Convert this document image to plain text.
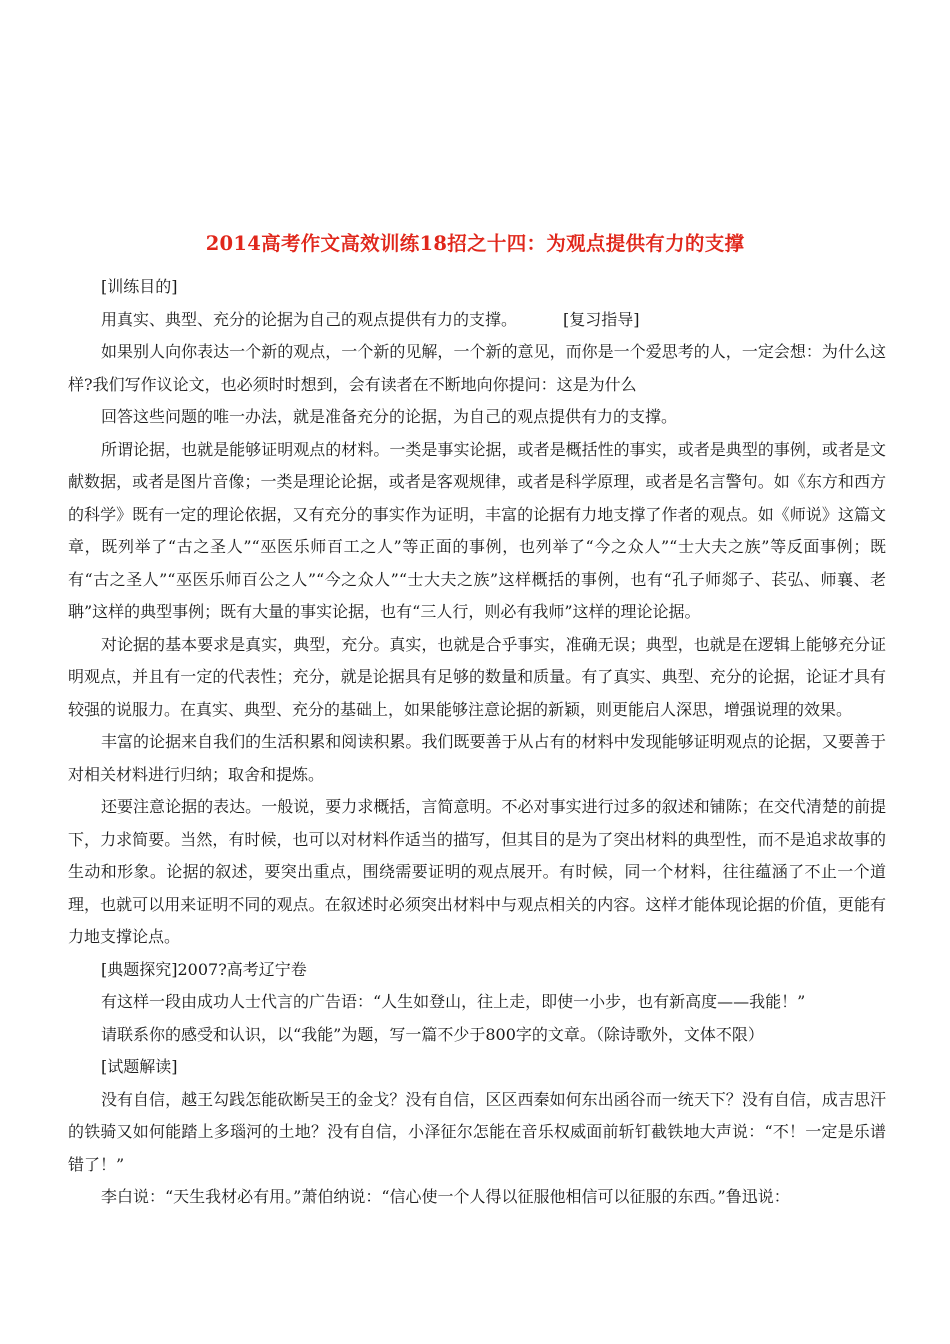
2014高考作文高效训练18招之十四：为观点提供有力的支撑

[训练目的]

用真实、典型、充分的论据为自己的观点提供有力的支撑。	[复习指导]

如果别人向你表达一个新的观点，一个新的见解，一个新的意见，而你是一个爱思考的人，一定会想：为什么这样?我们写作议论文，也必须时时想到，会有读者在不断地向你提问：这是为什么

回答这些问题的唯一办法，就是准备充分的论据，为自己的观点提供有力的支撑。

所谓论据，也就是能够证明观点的材料。一类是事实论据，或者是概括性的事实，或者是典型的事例，或者是文献数据，或者是图片音像；一类是理论论据，或者是客观规律，或者是科学原理，或者是名言警句。如《东方和西方的科学》既有一定的理论依据，又有充分的事实作为证明，丰富的论据有力地支撑了作者的观点。如《师说》这篇文章，既列举了“古之圣人”“巫医乐师百工之人”等正面的事例，也列举了“今之众人”“士大夫之族”等反面事例；既有“古之圣人”“巫医乐师百公之人”“今之众人”“士大夫之族”这样概括的事例，也有“孔子师郯子、苌弘、师襄、老聃”这样的典型事例；既有大量的事实论据，也有“三人行，则必有我师”这样的理论论据。

对论据的基本要求是真实，典型，充分。真实，也就是合乎事实，准确无误；典型，也就是在逻辑上能够充分证明观点，并且有一定的代表性；充分，就是论据具有足够的数量和质量。有了真实、典型、充分的论据，论证才具有较强的说服力。在真实、典型、充分的基础上，如果能够注意论据的新颖，则更能启人深思，增强说理的效果。

丰富的论据来自我们的生活积累和阅读积累。我们既要善于从占有的材料中发现能够证明观点的论据，又要善于对相关材料进行归纳；取舍和提炼。

还要注意论据的表达。一般说，要力求概括，言简意明。不必对事实进行过多的叙述和铺陈；在交代清楚的前提下，力求简要。当然，有时候，也可以对材料作适当的描写，但其目的是为了突出材料的典型性，而不是追求故事的生动和形象。论据的叙述，要突出重点，围绕需要证明的观点展开。有时候，同一个材料，往往蕴涵了不止一个道理，也就可以用来证明不同的观点。在叙述时必须突出材料中与观点相关的内容。这样才能体现论据的价值，更能有力地支撑论点。

[典题探究]2007?高考辽宁卷

有这样一段由成功人士代言的广告语：“人生如登山，往上走，即使一小步，也有新高度——我能！”

请联系你的感受和认识，以“我能”为题，写一篇不少于800字的文章。（除诗歌外，文体不限）

[试题解读]

没有自信，越王勾践怎能砍断吴王的金戈？没有自信，区区西秦如何东出函谷而一统天下？没有自信，成吉思汗的铁骑又如何能踏上多瑙河的土地？没有自信，小泽征尔怎能在音乐权威面前斩钉截铁地大声说：“不！一定是乐谱错了！”

李白说：“天生我材必有用。”萧伯纳说：“信心使一个人得以征服他相信可以征服的东西。”鲁迅说：
